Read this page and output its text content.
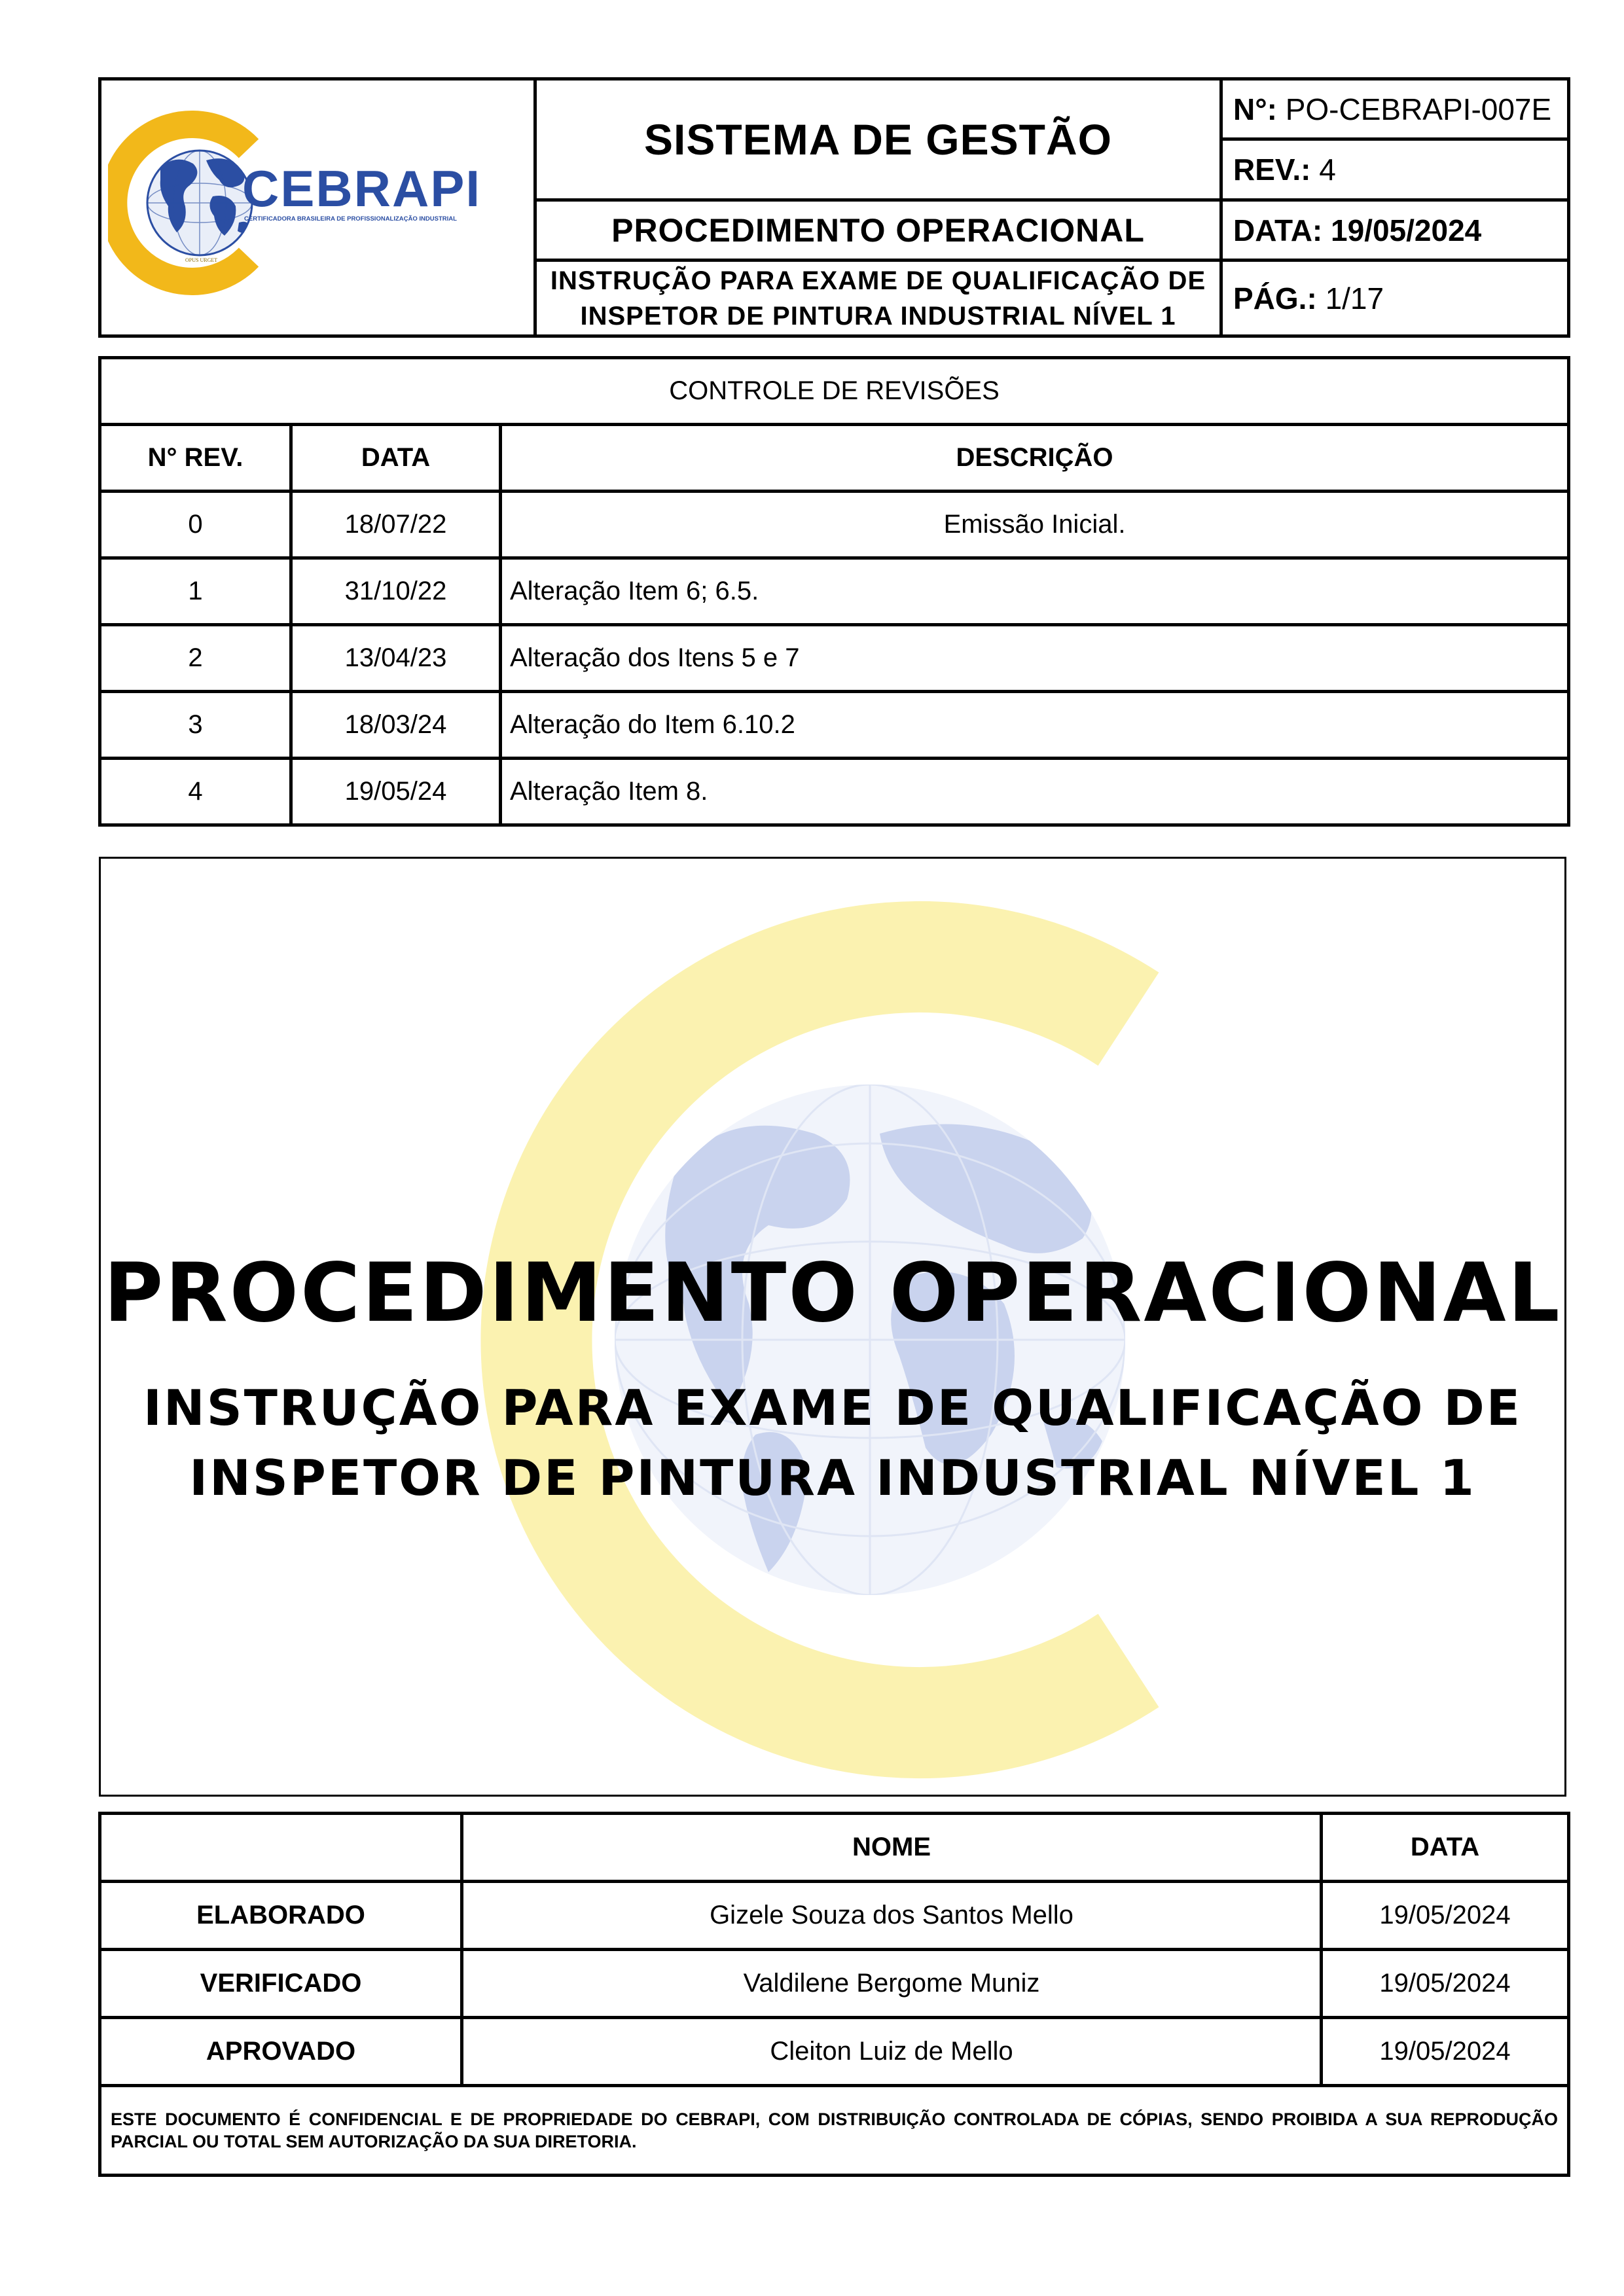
CEBRAPI
CERTIFICADORA BRASILEIRA DE PROFISSIONALIZAÇÃO INDUSTRIAL
OPUS URGET	SISTEMA DE GESTÃO	N°: PO-CEBRAPI-007E
		REV.: 4
	PROCEDIMENTO OPERACIONAL	DATA: 19/05/2024

	INSTRUÇÃO PARA EXAME DE QUALIFICAÇÃO DE
INSPETOR DE PINTURA INDUSTRIAL NÍVEL 1	PÁG.: 1/17
CONTROLE DE REVISÕES		
N° REV.	DATA	DESCRIÇÃO
0	18/07/22	Emissão Inicial.
1	31/10/22	Alteração Item 6; 6.5.
2	13/04/23	Alteração dos Itens 5 e 7
3	18/03/24	Alteração do Item 6.10.2
4	19/05/24	Alteração Item 8.
PROCEDIMENTO OPERACIONAL

INSTRUÇÃO PARA EXAME DE QUALIFICAÇÃO DE

INSPETOR DE PINTURA INDUSTRIAL NÍVEL 1

	NOME	DATA
ELABORADO	Gizele Souza dos Santos Mello	19/05/2024
VERIFICADO	Valdilene Bergome Muniz	19/05/2024
APROVADO	Cleiton Luiz de Mello	19/05/2024
ESTE DOCUMENTO É CONFIDENCIAL E DE PROPRIEDADE DO CEBRAPI, COM DISTRIBUIÇÃO CONTROLADA DE CÓPIAS, SENDO PROIBIDA A SUA REPRODUÇÃO PARCIAL OU TOTAL SEM AUTORIZAÇÃO DA SUA DIRETORIA.		
